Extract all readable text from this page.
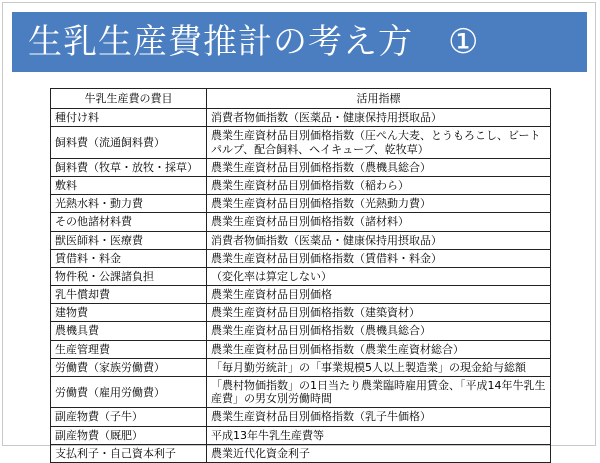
生乳生産費推計の考え方　①
牛乳生産費の費目	活用指標
種付け料	消費者物価指数（医薬品・健康保持用摂取品）
飼料費（流通飼料費）	農業生産資材品目別価格指数（圧ぺん大麦、とうもろこし、ビートパルプ、配合飼料、ヘイキューブ、乾牧草）
飼料費（牧草・放牧・採草）	農業生産資材品目別価格指数（農機具総合）
敷料	農業生産資材品目別価格指数（稲わら）
光熱水料・動力費	農業生産資材品目別価格指数（光熱動力費）
その他諸材料費	農業生産資材品目別価格指数（諸材料）
獣医師料・医療費	消費者物価指数（医薬品・健康保持用摂取品）
賃借料・料金	農業生産資材品目別価格指数（賃借料・料金）
物件税・公課諸負担	（変化率は算定しない）
乳牛償却費	農業生産資材品目別価格
建物費	農業生産資材品目別価格指数（建築資材）
農機具費	農業生産資材品目別価格指数（農機具総合）
生産管理費	農業生産資材品目別価格指数（農業生産資材総合）
労働費（家族労働費）	「毎月勤労統計」の「事業規模5人以上製造業」の現金給与総額
労働費（雇用労働費）	「農村物価指数」の1日当たり農業臨時雇用賃金、「平成14年牛乳生産費」の男女別労働時間
副産物費（子牛）	農業生産資材品目別価格指数（乳子牛価格）
副産物費（厩肥）	平成13年牛乳生産費等
支払利子・自己資本利子	農業近代化資金利子
